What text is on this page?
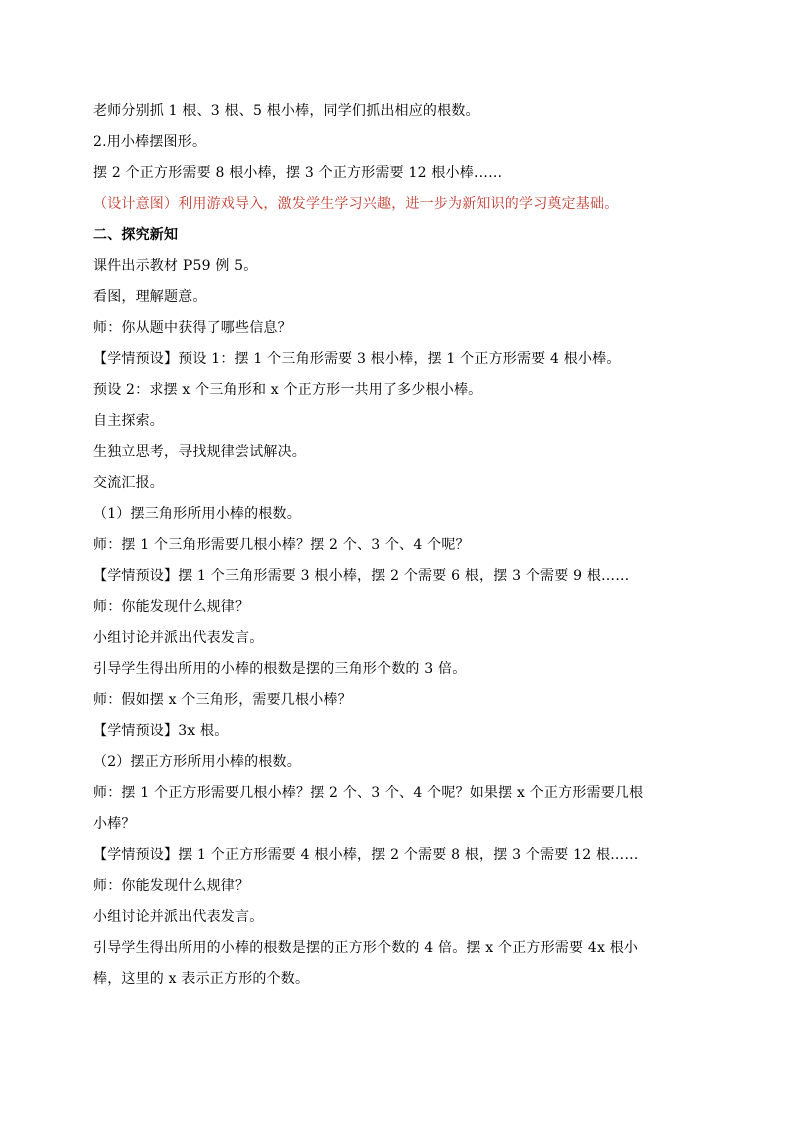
老师分别抓 1 根、3 根、5 根小棒，同学们抓出相应的根数。
2.用小棒摆图形。
摆 2 个正方形需要 8 根小棒，摆 3 个正方形需要 12 根小棒……
（设计意图）利用游戏导入，激发学生学习兴趣，进一步为新知识的学习奠定基础。
二、探究新知
课件出示教材 P59 例 5。
看图，理解题意。
师：你从题中获得了哪些信息？
【学情预设】预设 1：摆 1 个三角形需要 3 根小棒，摆 1 个正方形需要 4 根小棒。
预设 2：求摆 x 个三角形和 x 个正方形一共用了多少根小棒。
自主探索。
生独立思考，寻找规律尝试解决。
交流汇报。
（1）摆三角形所用小棒的根数。
师：摆 1 个三角形需要几根小棒？摆 2 个、3 个、4 个呢？
【学情预设】摆 1 个三角形需要 3 根小棒，摆 2 个需要 6 根，摆 3 个需要 9 根……
师：你能发现什么规律？
小组讨论并派出代表发言。
引导学生得出所用的小棒的根数是摆的三角形个数的 3 倍。
师：假如摆 x 个三角形，需要几根小棒？
【学情预设】3x 根。
（2）摆正方形所用小棒的根数。
师：摆 1 个正方形需要几根小棒？摆 2 个、3 个、4 个呢？如果摆 x 个正方形需要几根
小棒？
【学情预设】摆 1 个正方形需要 4 根小棒，摆 2 个需要 8 根，摆 3 个需要 12 根……
师：你能发现什么规律？
小组讨论并派出代表发言。
引导学生得出所用的小棒的根数是摆的正方形个数的 4 倍。摆 x 个正方形需要 4x 根小
棒，这里的 x 表示正方形的个数。
